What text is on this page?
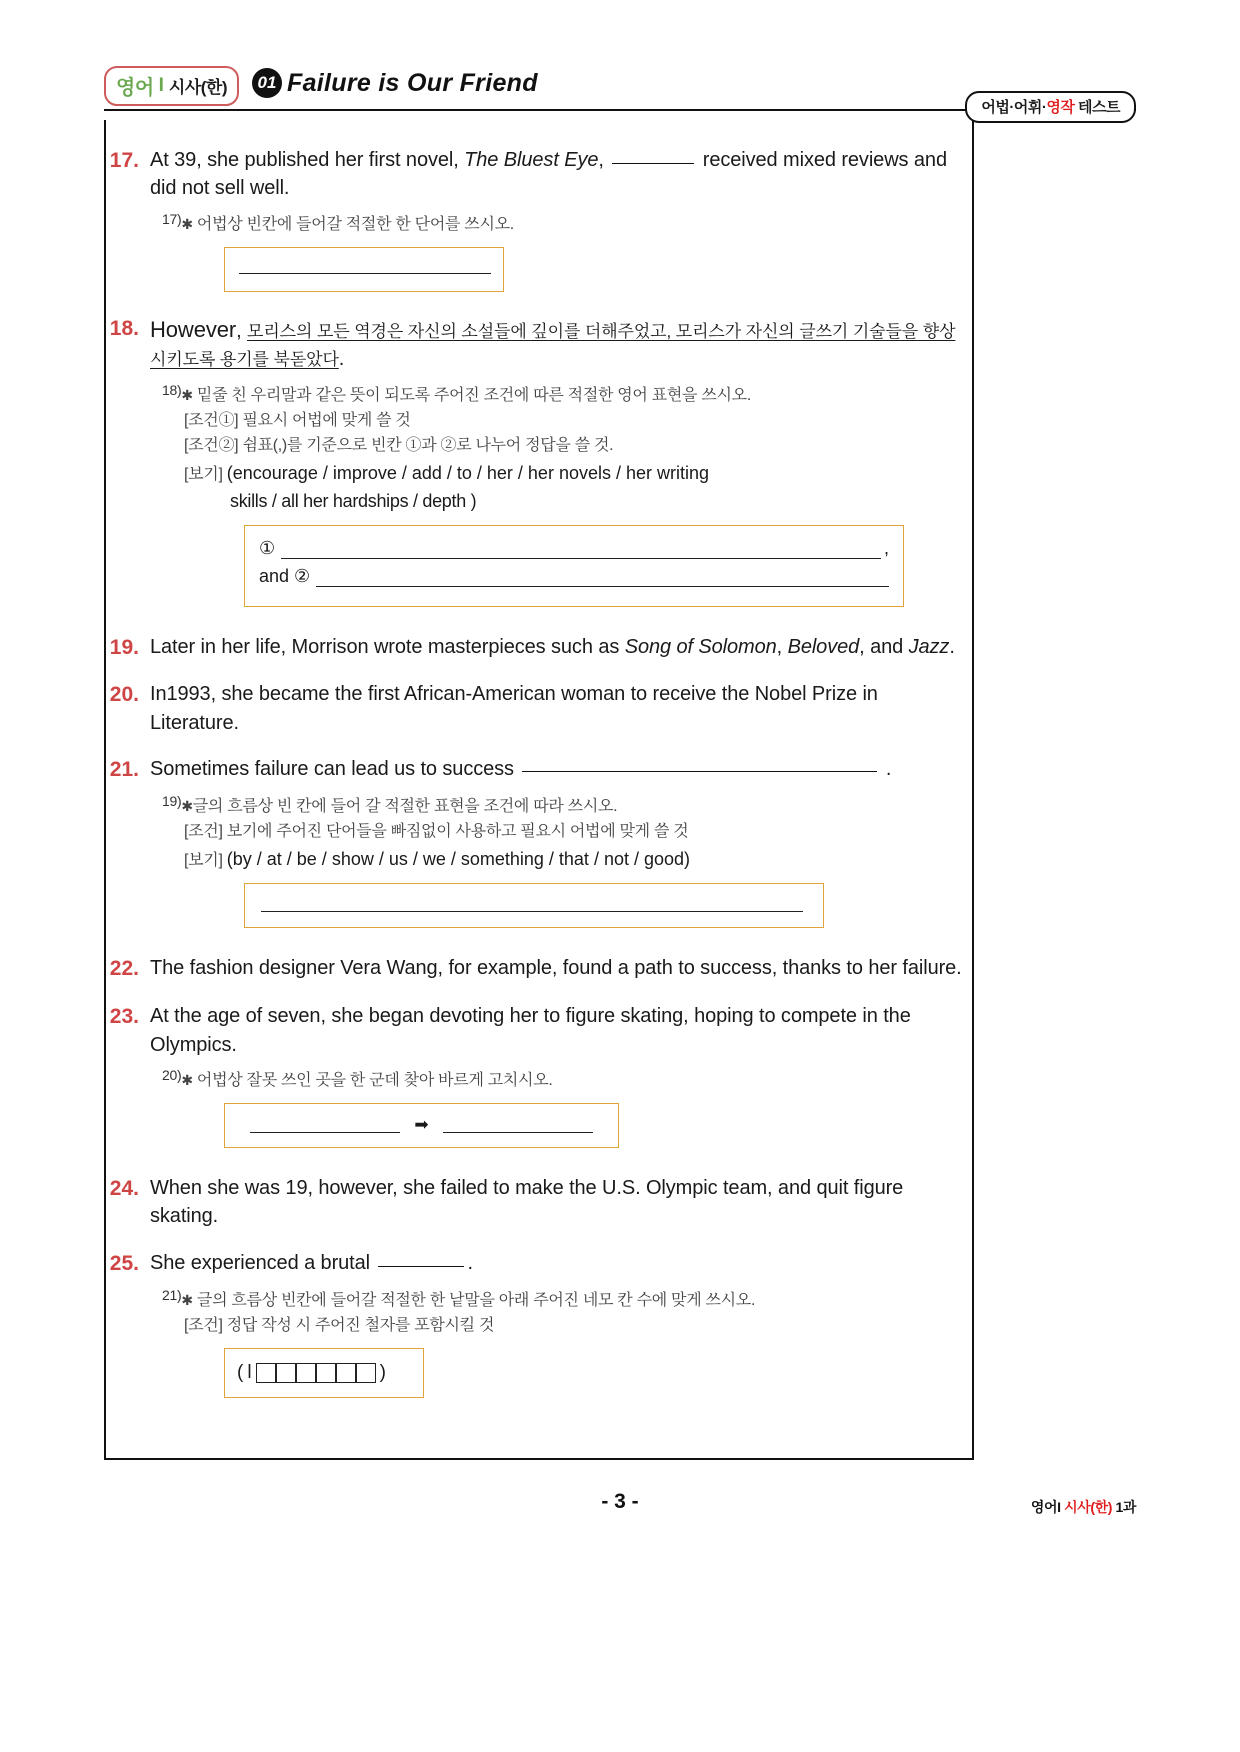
영어 I 시사(한)	01 Failure is Our Friend
어법·어휘·영작 테스트
17. At 39, she published her first novel, The Bluest Eye,	received mixed reviews and did not sell well.
17)✱ 어법상 빈칸에 들어갈 적절한 한 단어를 쓰시오.
18. However, 모리스의 모든 역경은 자신의 소설들에 깊이를 더해주었고, 모리스가 자신의 글쓰기 기술들을 향상시키도록 용기를 북돋았다.
18)✱ 밑줄 친 우리말과 같은 뜻이 되도록 주어진 조건에 따른 적절한 영어 표현을 쓰시오.
[조건①] 필요시 어법에 맞게 쓸 것
[조건②] 쉼표(,)를 기준으로 빈칸 ①과 ②로 나누어 정답을 쓸 것.
[보기] (encourage / improve / add / to / her / her novels / her writing
skills / all her hardships / depth )
①	,
and ②
19. Later in her life, Morrison wrote masterpieces such as Song of Solomon, Beloved, and Jazz.
20. In1993, she became the first African-American woman to receive the Nobel Prize in Literature.
21. Sometimes failure can lead us to success	.
19)✱글의 흐름상 빈 칸에 들어 갈 적절한 표현을 조건에 따라 쓰시오.
[조건] 보기에 주어진 단어들을 빠짐없이 사용하고 필요시 어법에 맞게 쓸 것
[보기] (by / at / be / show / us / we / something / that / not / good)
22. The fashion designer Vera Wang, for example, found a path to success, thanks to her failure.
23. At the age of seven, she began devoting her to figure skating, hoping to compete in the Olympics.
20)✱ 어법상 잘못 쓰인 곳을 한 군데 찾아 바르게 고치시오.
➡
24. When she was 19, however, she failed to make the U.S. Olympic team, and quit figure skating.
25. She experienced a brutal	.
21)✱ 글의 흐름상 빈칸에 들어갈 적절한 한 낱말을 아래 주어진 네모 칸 수에 맞게 쓰시오.
[조건] 정답 작성 시 주어진 철자를 포함시킬 것
( l	)
- 3 -	영어I 시사(한) 1과
